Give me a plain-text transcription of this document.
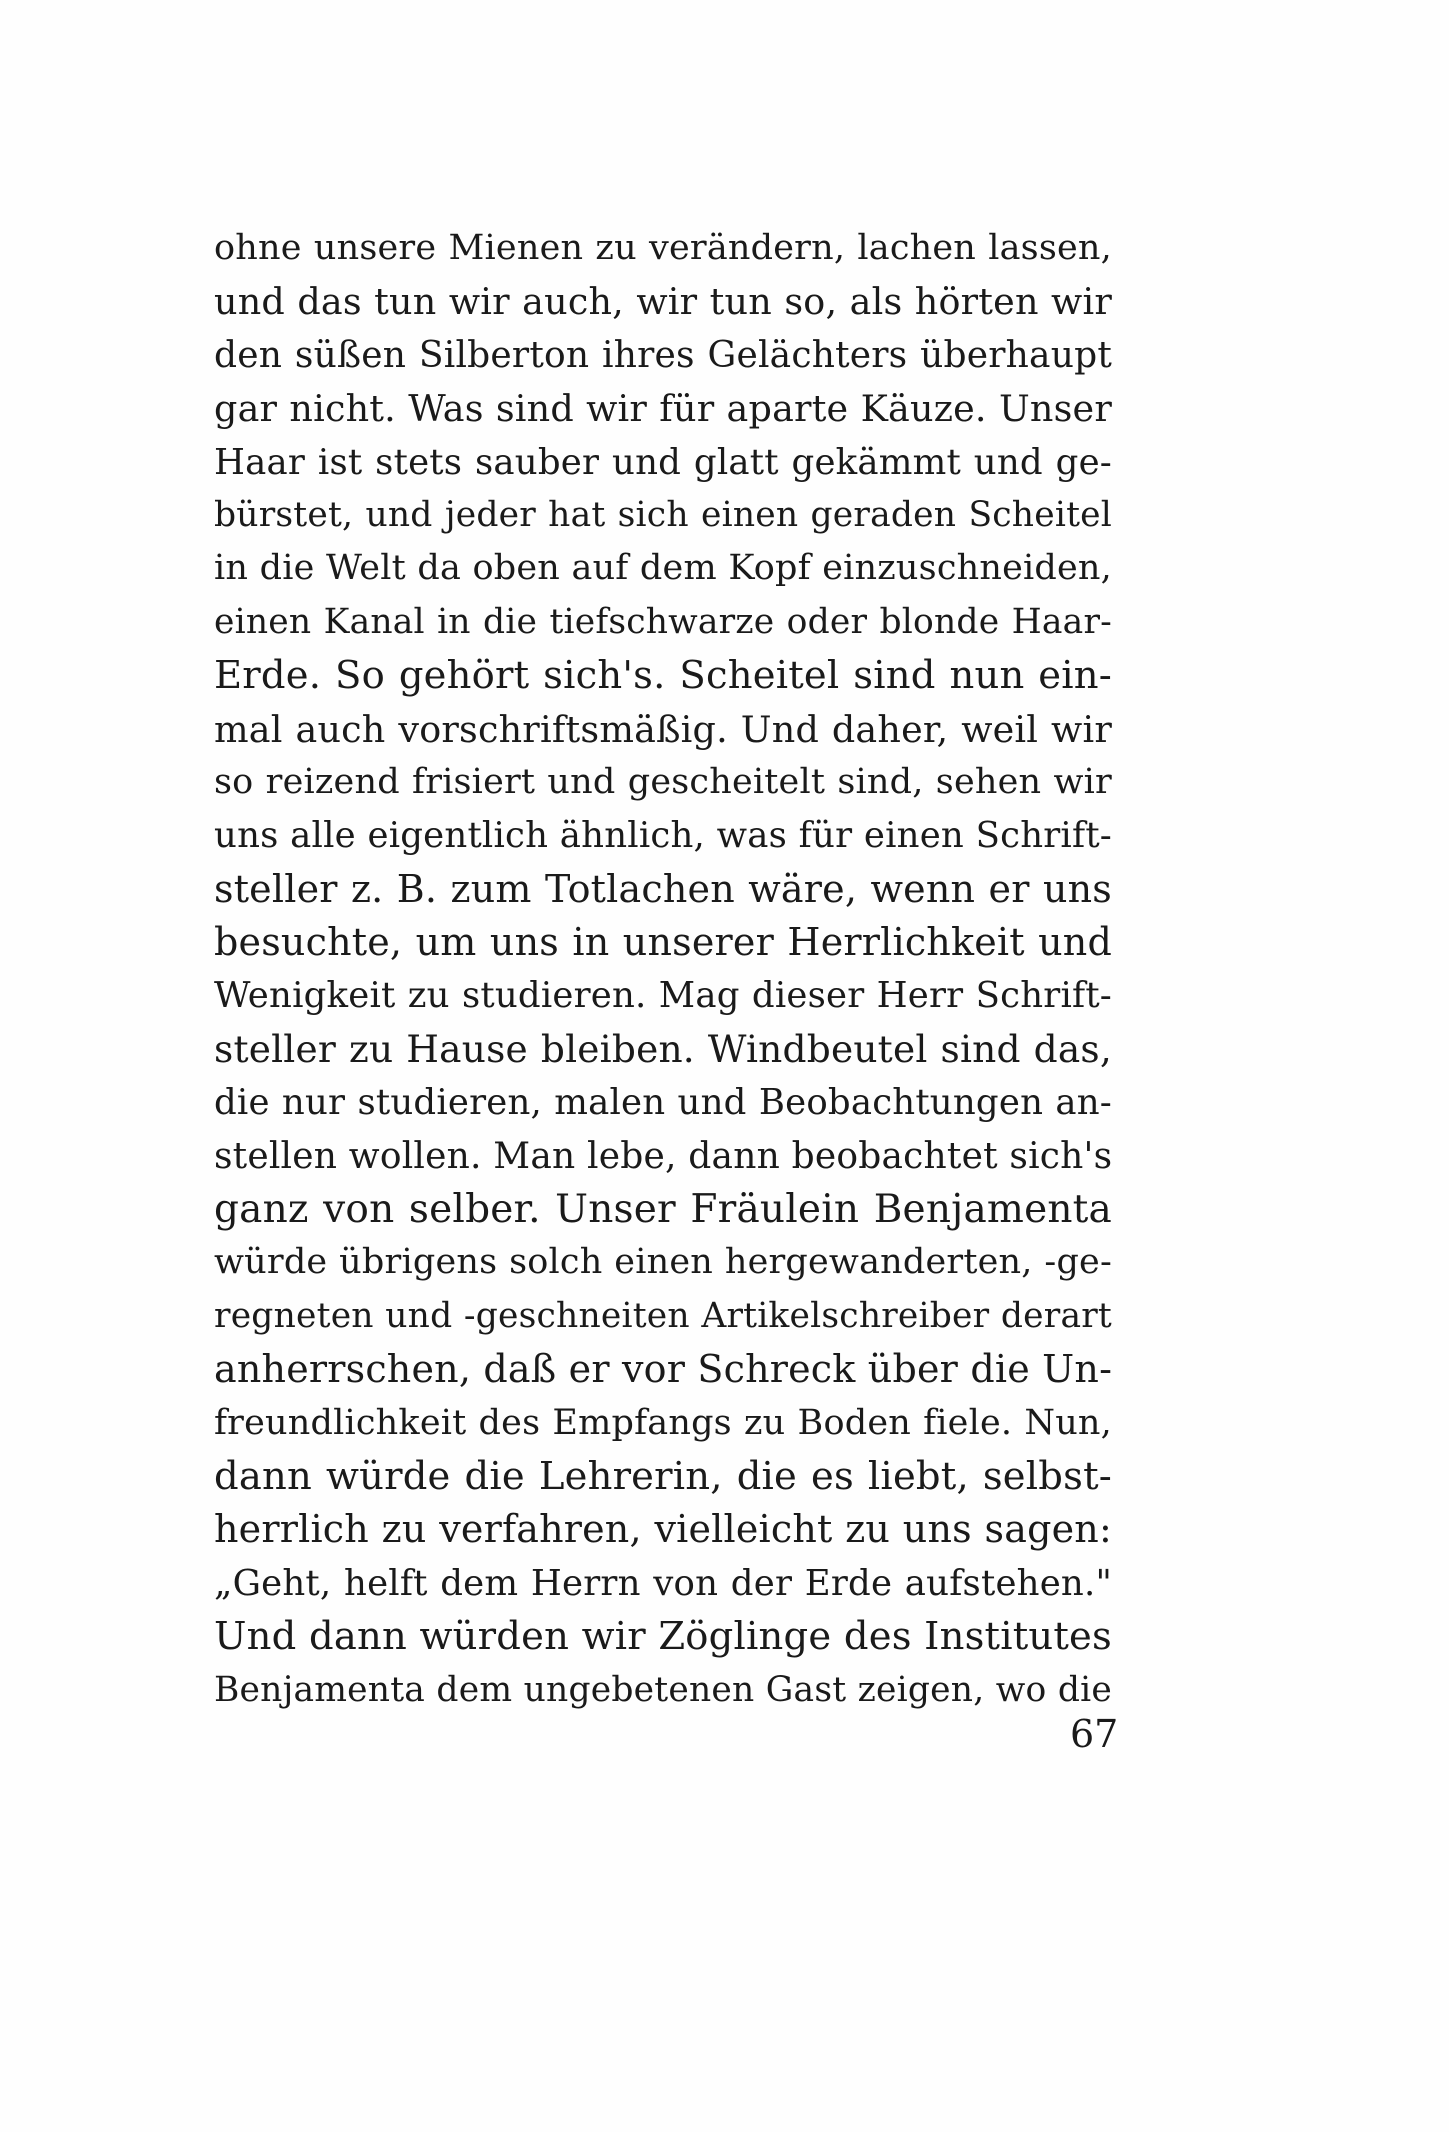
ohne unsere Mienen zu verändern, lachen lassen,
und das tun wir auch, wir tun so, als hörten wir
den süßen Silberton ihres Gelächters überhaupt
gar nicht. Was sind wir für aparte Käuze. Unser
Haar ist stets sauber und glatt gekämmt und ge-
bürstet, und jeder hat sich einen geraden Scheitel
in die Welt da oben auf dem Kopf einzuschneiden,
einen Kanal in die tiefschwarze oder blonde Haar-
Erde. So gehört sich's. Scheitel sind nun ein-
mal auch vorschriftsmäßig. Und daher, weil wir
so reizend frisiert und gescheitelt sind, sehen wir
uns alle eigentlich ähnlich, was für einen Schrift-
steller z. B. zum Totlachen wäre, wenn er uns
besuchte, um uns in unserer Herrlichkeit und
Wenigkeit zu studieren. Mag dieser Herr Schrift-
steller zu Hause bleiben. Windbeutel sind das,
die nur studieren, malen und Beobachtungen an-
stellen wollen. Man lebe, dann beobachtet sich's
ganz von selber. Unser Fräulein Benjamenta
würde übrigens solch einen hergewanderten, -ge-
regneten und -geschneiten Artikelschreiber derart
anherrschen, daß er vor Schreck über die Un-
freundlichkeit des Empfangs zu Boden fiele. Nun,
dann würde die Lehrerin, die es liebt, selbst-
herrlich zu verfahren, vielleicht zu uns sagen:
„Geht, helft dem Herrn von der Erde aufstehen."
Und dann würden wir Zöglinge des Institutes
Benjamenta dem ungebetenen Gast zeigen, wo die
67
